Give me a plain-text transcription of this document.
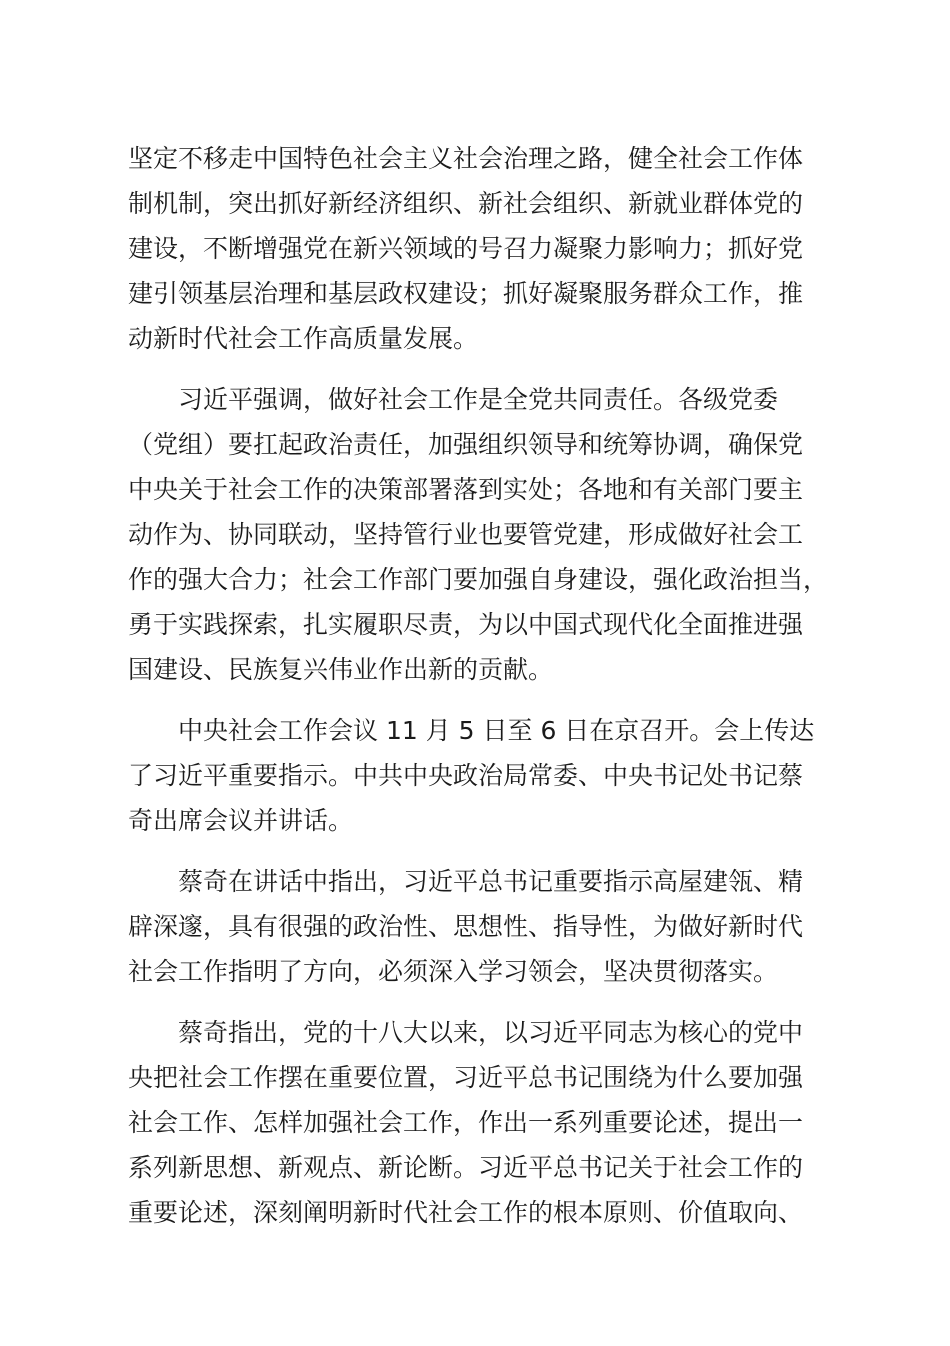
坚定不移走中国特色社会主义社会治理之路，健全社会工作体
制机制，突出抓好新经济组织、新社会组织、新就业群体党的
建设，不断增强党在新兴领域的号召力凝聚力影响力；抓好党
建引领基层治理和基层政权建设；抓好凝聚服务群众工作，推
动新时代社会工作高质量发展。
习近平强调，做好社会工作是全党共同责任。各级党委
（党组）要扛起政治责任，加强组织领导和统筹协调，确保党
中央关于社会工作的决策部署落到实处；各地和有关部门要主
动作为、协同联动，坚持管行业也要管党建，形成做好社会工
作的强大合力；社会工作部门要加强自身建设，强化政治担当，
勇于实践探索，扎实履职尽责，为以中国式现代化全面推进强
国建设、民族复兴伟业作出新的贡献。
中央社会工作会议 11 月 5 日至 6 日在京召开。会上传达
了习近平重要指示。中共中央政治局常委、中央书记处书记蔡
奇出席会议并讲话。
蔡奇在讲话中指出，习近平总书记重要指示高屋建瓴、精
辟深邃，具有很强的政治性、思想性、指导性，为做好新时代
社会工作指明了方向，必须深入学习领会，坚决贯彻落实。
蔡奇指出，党的十八大以来，以习近平同志为核心的党中
央把社会工作摆在重要位置，习近平总书记围绕为什么要加强
社会工作、怎样加强社会工作，作出一系列重要论述，提出一
系列新思想、新观点、新论断。习近平总书记关于社会工作的
重要论述，深刻阐明新时代社会工作的根本原则、价值取向、
